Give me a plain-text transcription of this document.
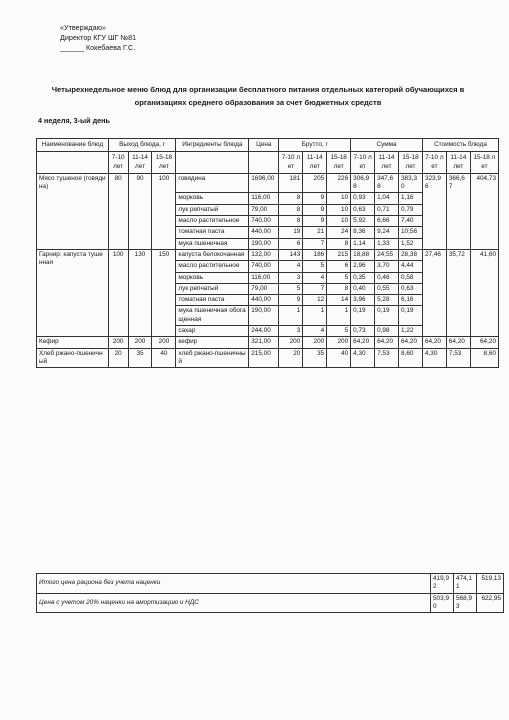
«Утверждаю»
Директор КГУ ШГ №81
______ Кокебаева Г.С.
Четырехнедельное меню блюд для организации бесплатного питания отдельных категорий обучающихся в организациях среднего образования за счет бюджетных средств
4 неделя, 3-ый день
Наименование блюд	Выход блюда, г			Ингредиенты блюда	Цена	Брутто, г			Сумма			Стоимость блюда		
	7-10 лет	11-14 лет	15-18 лет			7-10 лет	11-14 лет	15-18 лет	7-10 лет	11-14 лет	15-18 лет	7-10 лет	11-14 лет	15-18 лет
Мясо тушеное (говядина)	80	90	100	говядина	1696,00	181	205	226	306,98	347,68	383,30	323,96	366,67	404,73
				морковь	116,00	8	9	10	0,93	1,04	1,16			
				лук репчатый	79,00	8	9	10	0,63	0,71	0,79			
				масло растительное	740,00	8	9	10	5,92	6,66	7,40			
				томатная паста	440,00	19	21	24	8,36	9,24	10,56			
				мука пшеничная	190,00	6	7	8	1,14	1,33	1,52			
Гарнир: капуста тушенная	100	130	150	капуста белокочанная	132,00	143	186	215	18,88	24,55	28,38	27,46	35,72	41,60
				масло растительное	740,00	4	5	6	2,96	3,70	4,44			
				морковь	116,00	3	4	5	0,35	0,46	0,58			
				лук репчатый	79,00	5	7	8	0,40	0,55	0,63			
				томатная паста	440,00	9	12	14	3,96	5,28	6,16			
				мука пшеничная обогащенная	190,00	1	1	1	0,19	0,19	0,19			
				сахар	244,00	3	4	5	0,73	0,98	1,22			
Кефир	200	200	200	кефир	321,00	200	200	200	64,20	64,20	64,20	64,20	64,20	64,20
Хлеб ржано-пшеничный	20	35	40	хлеб ржано-пшеничный	215,00	20	35	40	4,30	7,53	8,60	4,30	7,53	8,60
Итого цена рациона без учета наценки	419,92	474,11	519,13
Цена с учетом 20% наценки на амортизацию и НДС	503,90	568,93	622,95
